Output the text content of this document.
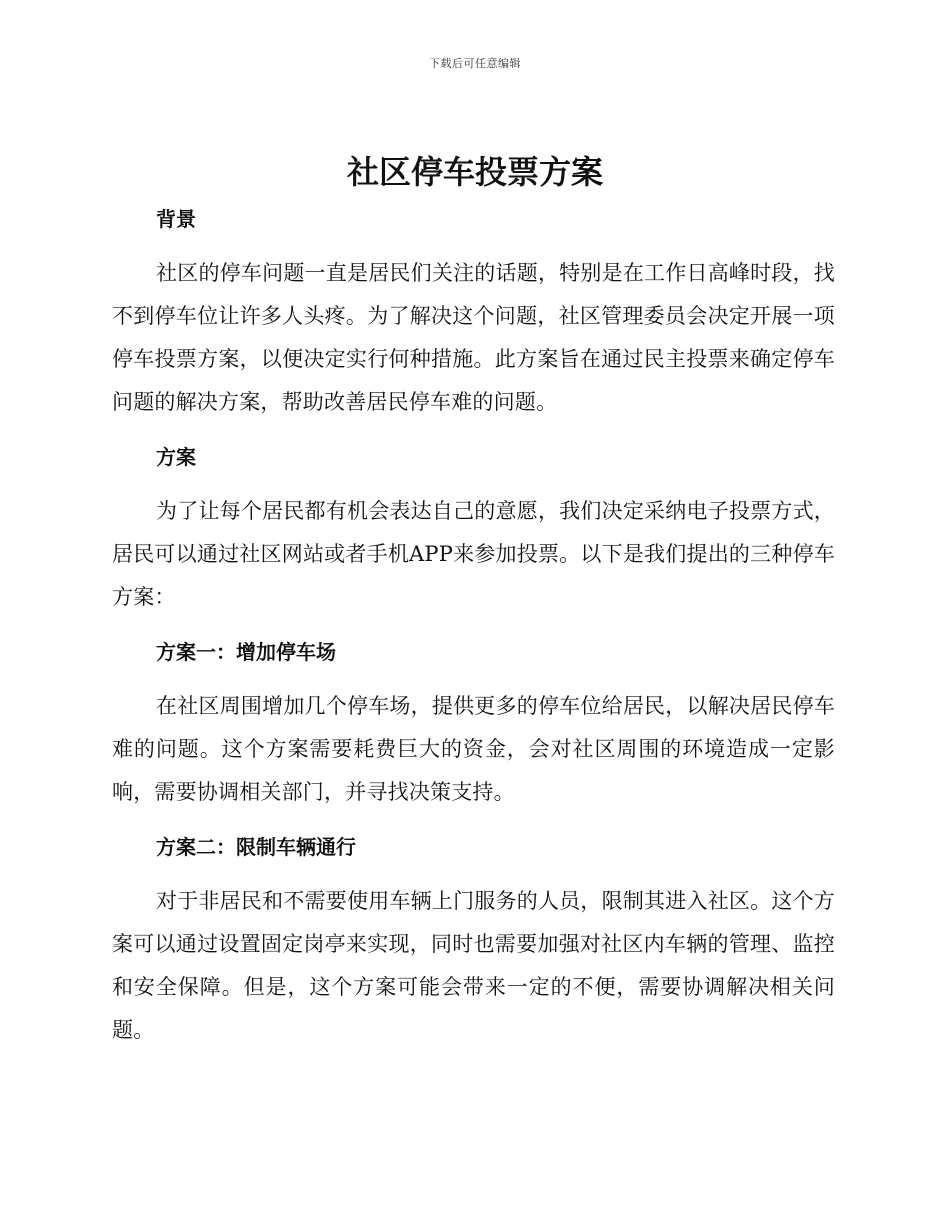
下载后可任意编辑
社区停车投票方案
背景

社区的停车问题一直是居民们关注的话题，特别是在工作日高峰时段，找不到停车位让许多人头疼。为了解决这个问题，社区管理委员会决定开展一项停车投票方案，以便决定实行何种措施。此方案旨在通过民主投票来确定停车问题的解决方案，帮助改善居民停车难的问题。

方案

为了让每个居民都有机会表达自己的意愿，我们决定采纳电子投票方式，居民可以通过社区网站或者手机APP来参加投票。以下是我们提出的三种停车方案：

方案一：增加停车场

在社区周围增加几个停车场，提供更多的停车位给居民，以解决居民停车难的问题。这个方案需要耗费巨大的资金，会对社区周围的环境造成一定影响，需要协调相关部门，并寻找决策支持。

方案二：限制车辆通行

对于非居民和不需要使用车辆上门服务的人员，限制其进入社区。这个方案可以通过设置固定岗亭来实现，同时也需要加强对社区内车辆的管理、监控和安全保障。但是，这个方案可能会带来一定的不便，需要协调解决相关问题。
